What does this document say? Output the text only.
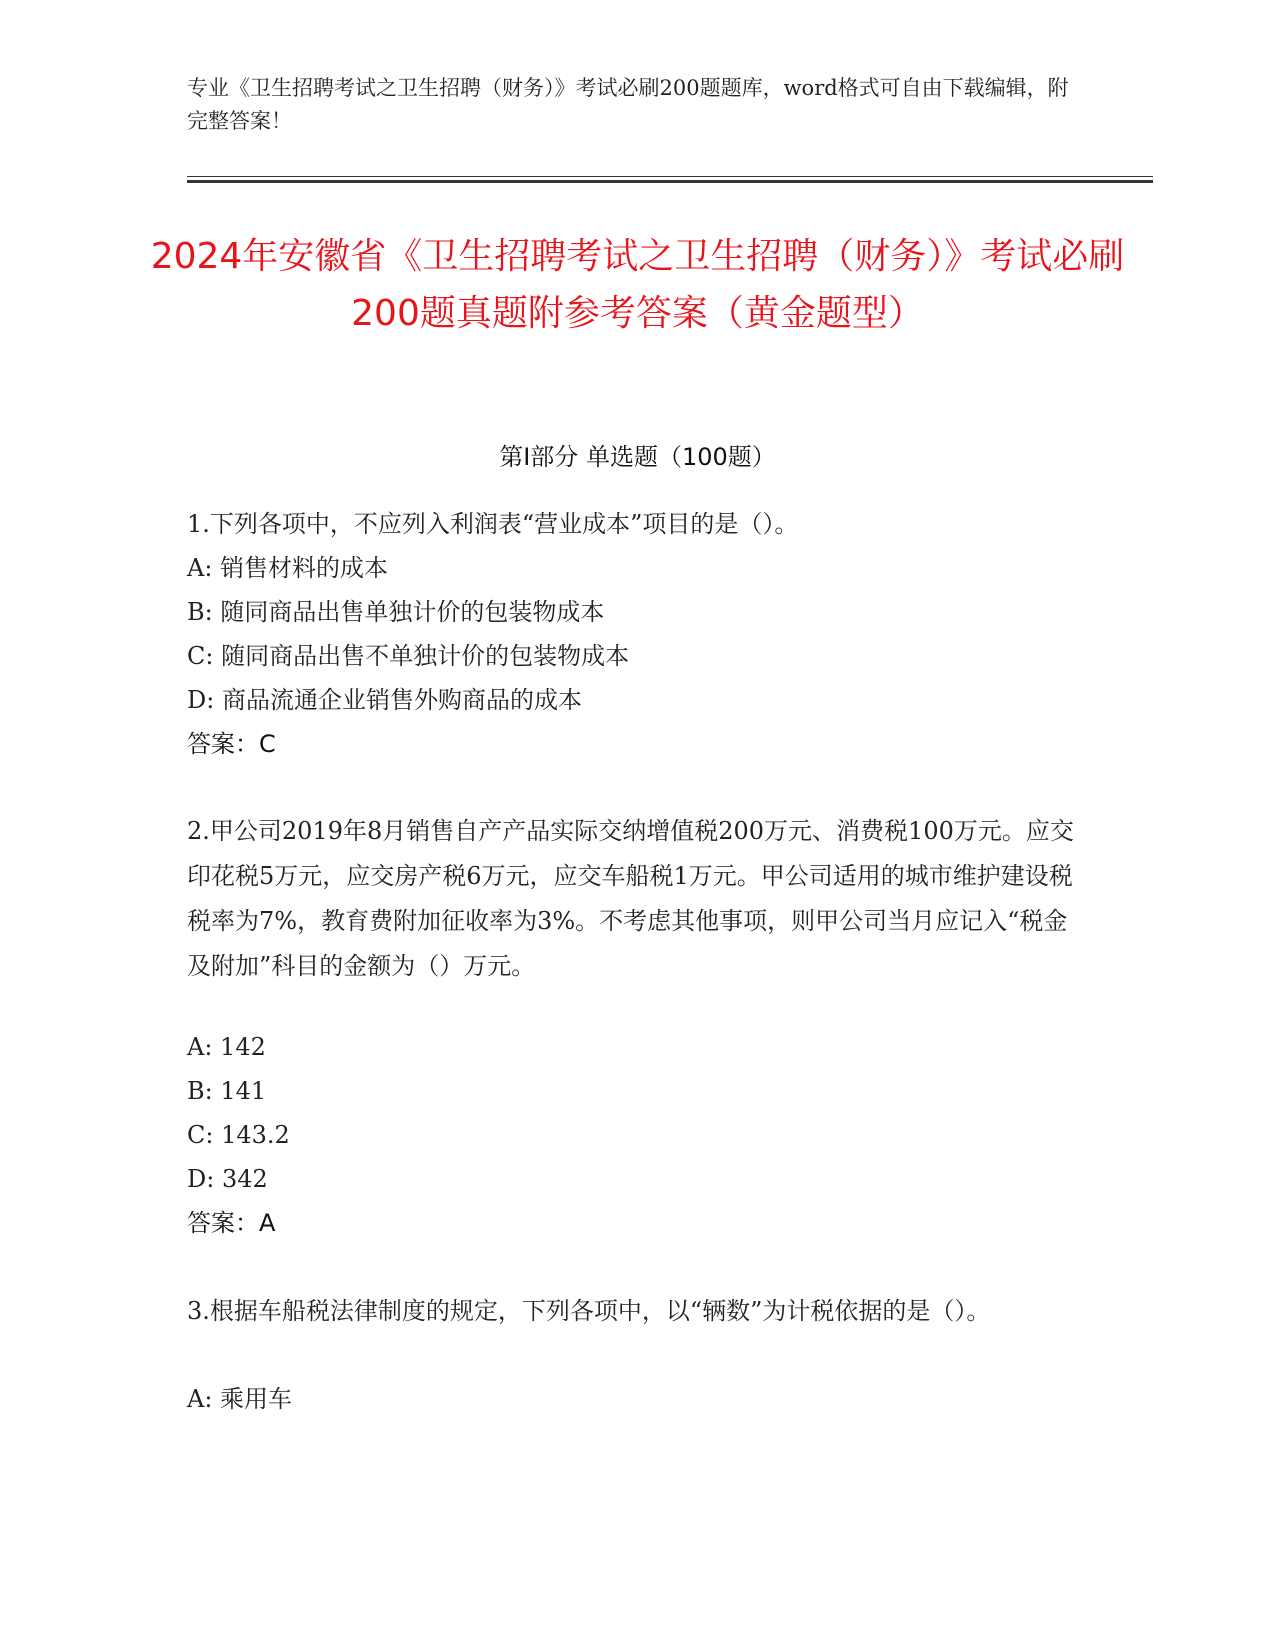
专业《卫生招聘考试之卫生招聘（财务）》考试必刷200题题库，word格式可自由下载编辑，附完整答案！
2024年安徽省《卫生招聘考试之卫生招聘（财务）》考试必刷200题真题附参考答案（黄金题型）
第I部分 单选题（100题）
1.下列各项中，不应列入利润表“营业成本”项目的是（）。
A: 销售材料的成本
B: 随同商品出售单独计价的包装物成本
C: 随同商品出售不单独计价的包装物成本
D: 商品流通企业销售外购商品的成本
答案：C
2.甲公司2019年8月销售自产产品实际交纳增值税200万元、消费税100万元。应交印花税5万元，应交房产税6万元，应交车船税1万元。甲公司适用的城市维护建设税税率为7%，教育费附加征收率为3%。不考虑其他事项，则甲公司当月应记入“税金及附加”科目的金额为（）万元。
A: 142
B: 141
C: 143.2
D: 342
答案：A
3.根据车船税法律制度的规定，下列各项中，以“辆数”为计税依据的是（）。
A: 乘用车
